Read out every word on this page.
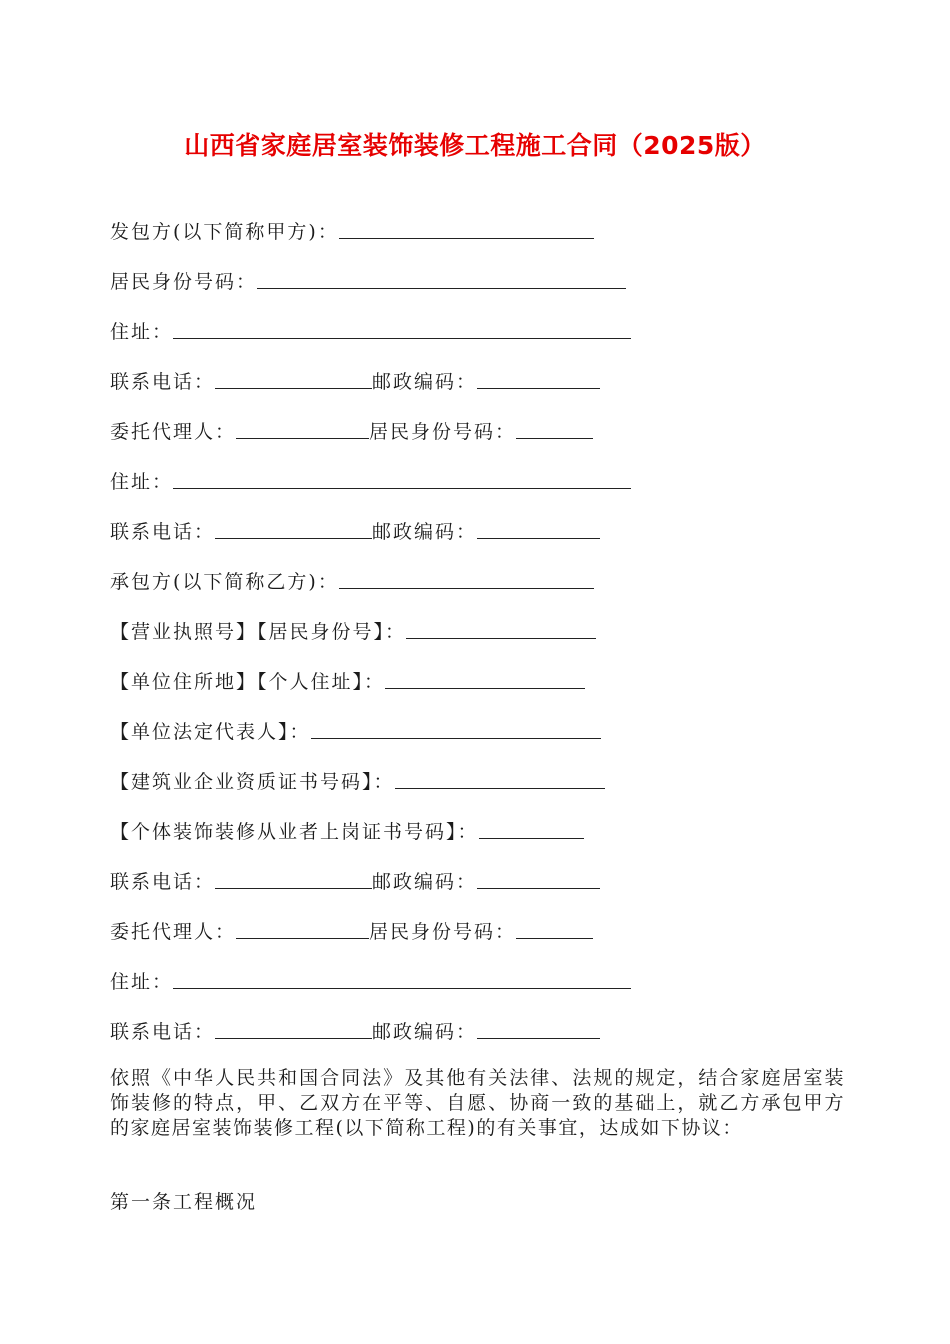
山西省家庭居室装饰装修工程施工合同（2025版）
发包方(以下简称甲方)：
居民身份号码：
住址：
联系电话：	邮政编码：
委托代理人：	居民身份号码：
住址：
联系电话：	邮政编码：
承包方(以下简称乙方)：
【营业执照号】【居民身份号】：
【单位住所地】【个人住址】：
【单位法定代表人】：
【建筑业企业资质证书号码】：
【个体装饰装修从业者上岗证书号码】：
联系电话：	邮政编码：
委托代理人：	居民身份号码：
住址：
联系电话：	邮政编码：

依照《中华人民共和国合同法》及其他有关法律、法规的规定，结合家庭居室装饰装修的特点，甲、乙双方在平等、自愿、协商一致的基础上，就乙方承包甲方的家庭居室装饰装修工程(以下简称工程)的有关事宜，达成如下协议：

第一条工程概况
